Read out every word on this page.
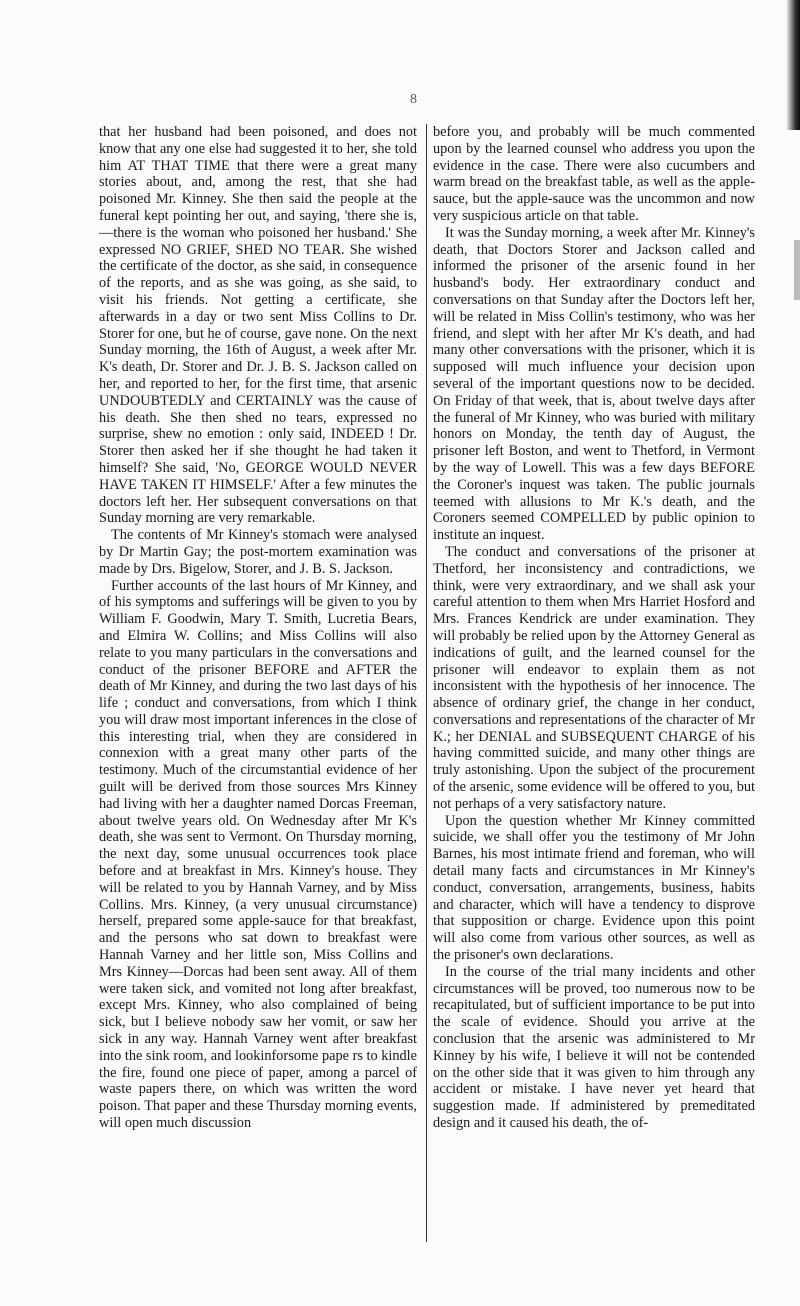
8

that her husband had been poisoned, and does not know that any one else had suggested it to her, she told him AT THAT TIME that there were a great many stories about, and, among the rest, that she had poisoned Mr. Kinney. She then said the people at the funeral kept pointing her out, and saying, 'there she is,—there is the woman who poisoned her husband.' She expressed NO GRIEF, SHED NO TEAR. She wished the certificate of the doctor, as she said, in consequence of the reports, and as she was going, as she said, to visit his friends. Not getting a certificate, she afterwards in a day or two sent Miss Collins to Dr. Storer for one, but he of course, gave none. On the next Sunday morning, the 16th of August, a week after Mr. K's death, Dr. Storer and Dr. J. B. S. Jackson called on her, and reported to her, for the first time, that arsenic UNDOUBTEDLY and CERTAINLY was the cause of his death. She then shed no tears, expressed no surprise, shew no emotion : only said, INDEED ! Dr. Storer then asked her if she thought he had taken it himself? She said, 'No, GEORGE WOULD NEVER HAVE TAKEN IT HIMSELF.' After a few minutes the doctors left her. Her subsequent conversations on that Sunday morning are very remarkable.

The contents of Mr Kinney's stomach were analysed by Dr Martin Gay; the post-mortem examination was made by Drs. Bigelow, Storer, and J. B. S. Jackson.

Further accounts of the last hours of Mr Kinney, and of his symptoms and sufferings will be given to you by William F. Goodwin, Mary T. Smith, Lucretia Bears, and Elmira W. Collins; and Miss Collins will also relate to you many particulars in the conversations and conduct of the prisoner BEFORE and AFTER the death of Mr Kinney, and during the two last days of his life ; conduct and conversations, from which I think you will draw most important inferences in the close of this interesting trial, when they are considered in connexion with a great many other parts of the testimony. Much of the circumstantial evidence of her guilt will be derived from those sources Mrs Kinney had living with her a daughter named Dorcas Freeman, about twelve years old. On Wednesday after Mr K's death, she was sent to Vermont. On Thursday morning, the next day, some unusual occurrences took place before and at breakfast in Mrs. Kinney's house. They will be related to you by Hannah Varney, and by Miss Collins. Mrs. Kinney, (a very unusual circumstance) herself, prepared some apple-sauce for that breakfast, and the persons who sat down to breakfast were Hannah Varney and her little son, Miss Collins and Mrs Kinney—Dorcas had been sent away. All of them were taken sick, and vomited not long after breakfast, except Mrs. Kinney, who also complained of being sick, but I believe nobody saw her vomit, or saw her sick in any way. Hannah Varney went after breakfast into the sink room, and lookinforsome pape rs to kindle the fire, found one piece of paper, among a parcel of waste papers there, on which was written the word poison. That paper and these Thursday morning events, will open much discussion

before you, and probably will be much commented upon by the learned counsel who address you upon the evidence in the case. There were also cucumbers and warm bread on the breakfast table, as well as the apple-sauce, but the apple-sauce was the uncommon and now very suspicious article on that table.

It was the Sunday morning, a week after Mr. Kinney's death, that Doctors Storer and Jackson called and informed the prisoner of the arsenic found in her husband's body. Her extraordinary conduct and conversations on that Sunday after the Doctors left her, will be related in Miss Collin's testimony, who was her friend, and slept with her after Mr K's death, and had many other conversations with the prisoner, which it is supposed will much influence your decision upon several of the important questions now to be decided. On Friday of that week, that is, about twelve days after the funeral of Mr Kinney, who was buried with military honors on Monday, the tenth day of August, the prisoner left Boston, and went to Thetford, in Vermont by the way of Lowell. This was a few days BEFORE the Coroner's inquest was taken. The public journals teemed with allusions to Mr K.'s death, and the Coroners seemed COMPELLED by public opinion to institute an inquest.

The conduct and conversations of the prisoner at Thetford, her inconsistency and contradictions, we think, were very extraordinary, and we shall ask your careful attention to them when Mrs Harriet Hosford and Mrs. Frances Kendrick are under examination. They will probably be relied upon by the Attorney General as indications of guilt, and the learned counsel for the prisoner will endeavor to explain them as not inconsistent with the hypothesis of her innocence. The absence of ordinary grief, the change in her conduct, conversations and representations of the character of Mr K.; her DENIAL and SUBSEQUENT CHARGE of his having committed suicide, and many other things are truly astonishing. Upon the subject of the procurement of the arsenic, some evidence will be offered to you, but not perhaps of a very satisfactory nature.

Upon the question whether Mr Kinney committed suicide, we shall offer you the testimony of Mr John Barnes, his most intimate friend and foreman, who will detail many facts and circumstances in Mr Kinney's conduct, conversation, arrangements, business, habits and character, which will have a tendency to disprove that supposition or charge. Evidence upon this point will also come from various other sources, as well as the prisoner's own declarations.

In the course of the trial many incidents and other circumstances will be proved, too numerous now to be recapitulated, but of sufficient importance to be put into the scale of evidence. Should you arrive at the conclusion that the arsenic was administered to Mr Kinney by his wife, I believe it will not be contended on the other side that it was given to him through any accident or mistake. I have never yet heard that suggestion made. If administered by premeditated design and it caused his death, the of-
